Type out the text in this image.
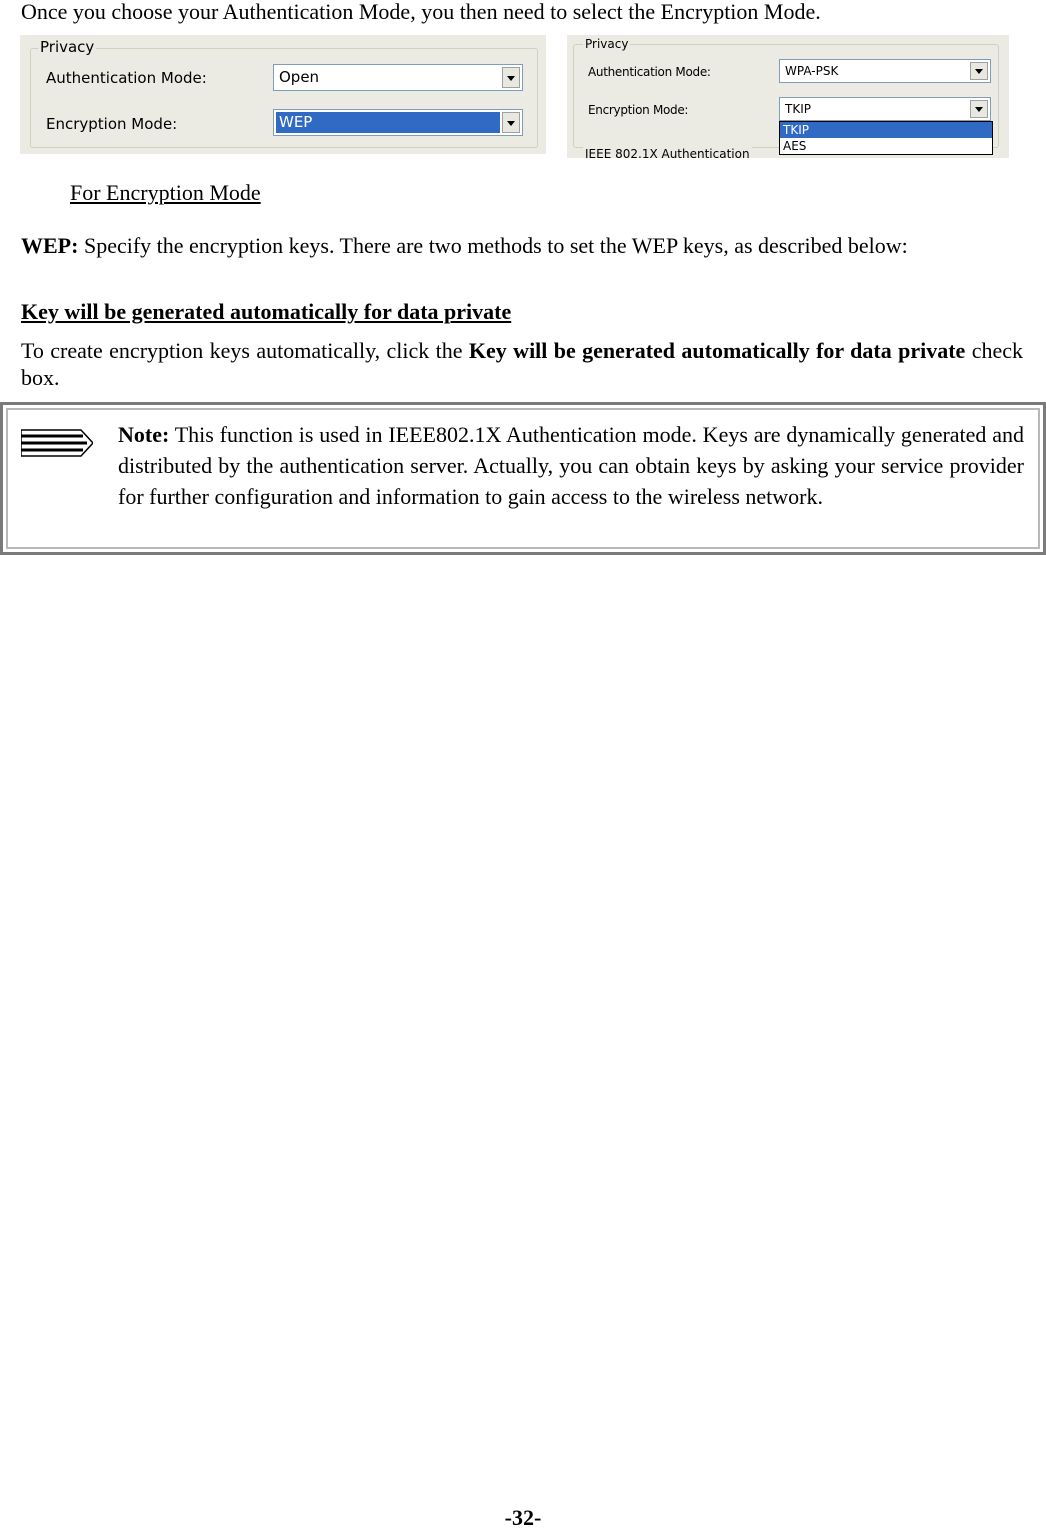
Once you choose your Authentication Mode, you then need to select the Encryption Mode.

Privacy
Authentication Mode:	Open
Encryption Mode:	WEP
Privacy
Authentication Mode:	WPA-PSK
Encryption Mode:	TKIP
IEEE 802.1X Authentication
TKIP
AES
For Encryption Mode

WEP: Specify the encryption keys. There are two methods to set the WEP keys, as described below:

Key will be generated automatically for data private

To create encryption keys automatically, click the Key will be generated automatically for data private check box.

Note: This function is used in IEEE802.1X Authentication mode. Keys are dynamically generated and distributed by the authentication server. Actually, you can obtain keys by asking your service provider for further configuration and information to gain access to the wireless network.

-32-
